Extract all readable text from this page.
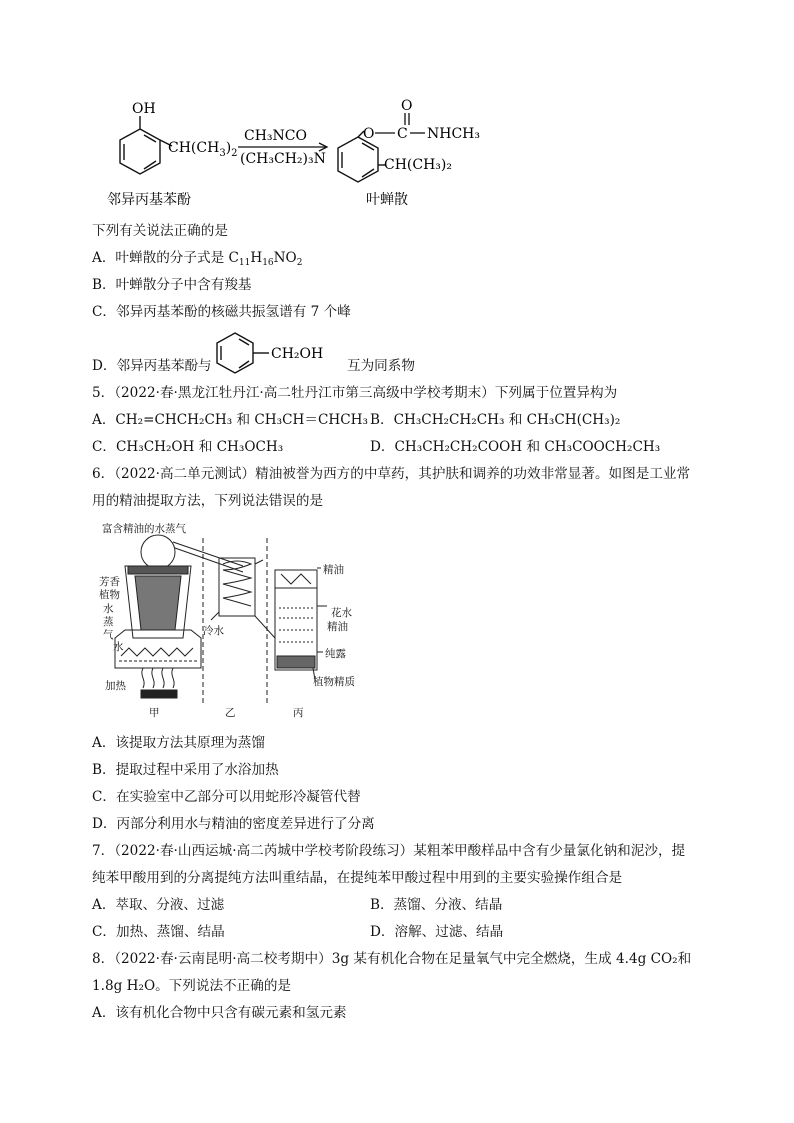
OH
$CH(CH_3)_2$
CH₃NCO
(CH₃CH₂)₃N
O C
O
NHCH₃
CH(CH₃)₂
邻异丙基苯酚	叶蝉散
下列有关说法正确的是
A．叶蝉散的分子式是 $C_{11}H_{16}NO_2$
B．叶蝉散分子中含有羧基
C．邻异丙基苯酚的核磁共振氢谱有 7 个峰
D．邻异丙基苯酚与
CH₂OH
互为同系物
5．（2022·春·黑龙江牡丹江·高二牡丹江市第三高级中学校考期末）下列属于位置异构为
A．CH₂=CHCH₂CH₃ 和 CH₃CH＝CHCH₃ B．CH₃CH₂CH₂CH₃ 和 CH₃CH(CH₃)₂
C．CH₃CH₂OH 和 CH₃OCH₃	D．CH₃CH₂CH₂COOH 和 CH₃COOCH₂CH₃
6．（2022·高二单元测试）精油被誉为西方的中草药，其护肤和调养的功效非常显著。如图是工业常
用的精油提取方法，下列说法错误的是
富含精油的水蒸气
芳香
植物
水
蒸
气
水
加热
冷水
精油
花水
精油
纯露
植物精质
甲	乙	丙
A．该提取方法其原理为蒸馏
B．提取过程中采用了水浴加热
C．在实验室中乙部分可以用蛇形冷凝管代替
D．丙部分利用水与精油的密度差异进行了分离
7．（2022·春·山西运城·高二芮城中学校考阶段练习）某粗苯甲酸样品中含有少量氯化钠和泥沙，提
纯苯甲酸用到的分离提纯方法叫重结晶，在提纯苯甲酸过程中用到的主要实验操作组合是
A．萃取、分液、过滤	B．蒸馏、分液、结晶
C．加热、蒸馏、结晶	D．溶解、过滤、结晶
8．（2022·春·云南昆明·高二校考期中）3g 某有机化合物在足量氧气中完全燃烧，生成 4.4g CO₂和
1.8g H₂O。下列说法不正确的是
A．该有机化合物中只含有碳元素和氢元素
